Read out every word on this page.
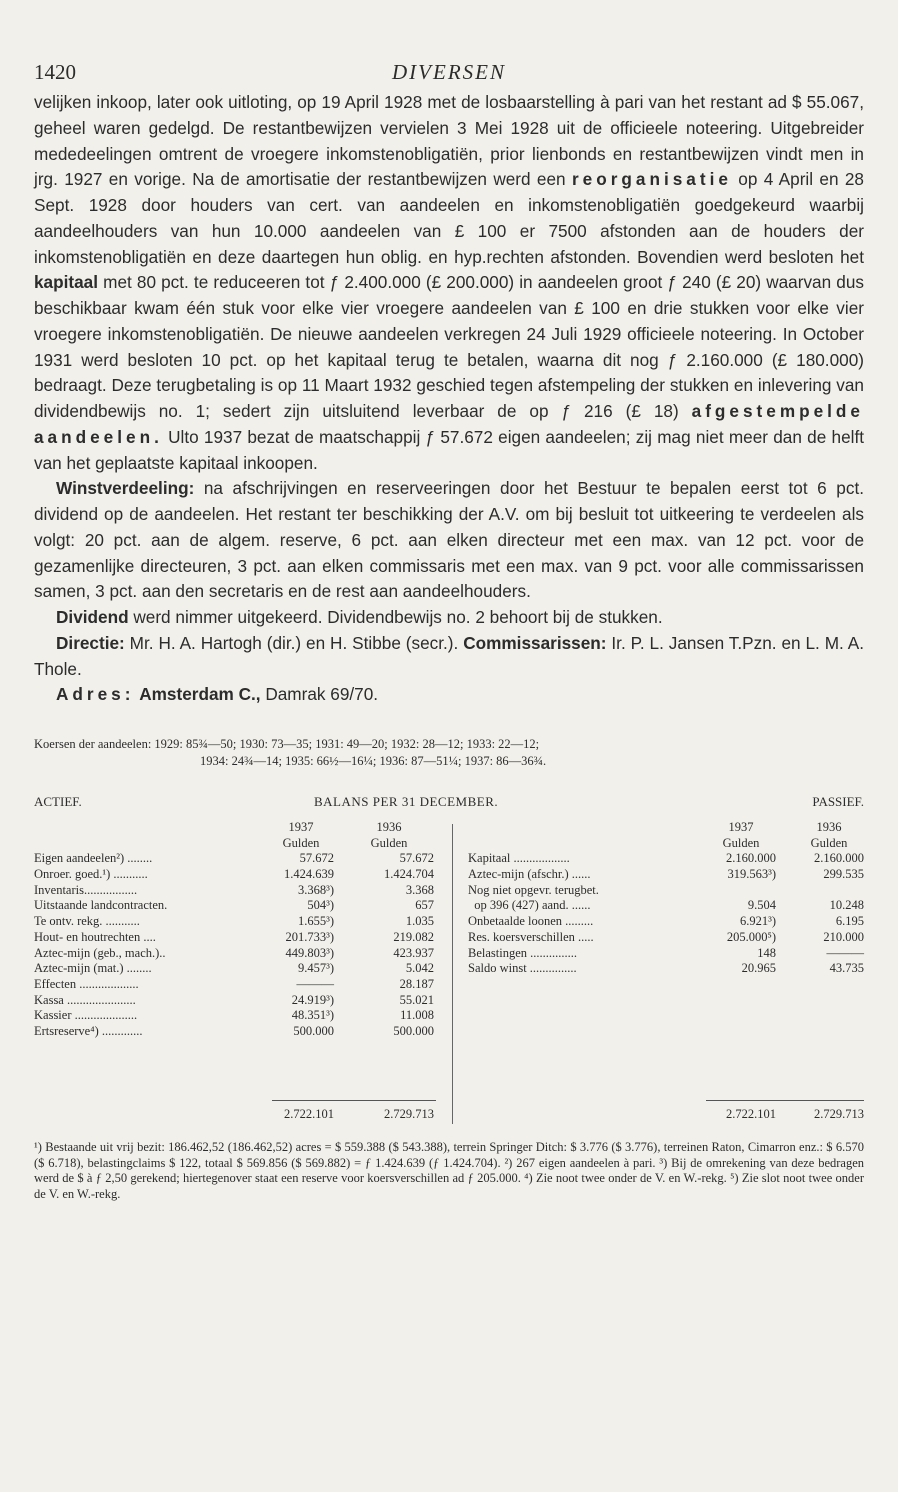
1420	DIVERSEN

velijken inkoop, later ook uitloting, op 19 April 1928 met de losbaarstelling à pari van het restant ad $ 55.067, geheel waren gedelgd. De restantbewijzen vervielen 3 Mei 1928 uit de officieele noteering. Uitgebreider mededeelingen omtrent de vroegere inkomstenobligatiën, prior lienbonds en restantbewijzen vindt men in jrg. 1927 en vorige. Na de amortisatie der restantbewijzen werd een reorganisatie op 4 April en 28 Sept. 1928 door houders van cert. van aandeelen en inkomstenobligatiën goedgekeurd waarbij aandeelhouders van hun 10.000 aandeelen van £ 100 er 7500 afstonden aan de houders der inkomstenobligatiën en deze daartegen hun oblig. en hyp.rechten afstonden. Bovendien werd besloten het kapitaal met 80 pct. te reduceeren tot ƒ 2.400.000 (£ 200.000) in aandeelen groot ƒ 240 (£ 20) waarvan dus beschikbaar kwam één stuk voor elke vier vroegere aandeelen van £ 100 en drie stukken voor elke vier vroegere inkomstenobligatiën. De nieuwe aandeelen verkregen 24 Juli 1929 officieele noteering. In October 1931 werd besloten 10 pct. op het kapitaal terug te betalen, waarna dit nog ƒ 2.160.000 (£ 180.000) bedraagt. Deze terugbetaling is op 11 Maart 1932 geschied tegen afstempeling der stukken en inlevering van dividendbewijs no. 1; sedert zijn uitsluitend leverbaar de op ƒ 216 (£ 18) afgestempelde aandeelen. Ulto 1937 bezat de maatschappij ƒ 57.672 eigen aandeelen; zij mag niet meer dan de helft van het geplaatste kapitaal inkoopen.

Winstverdeeling: na afschrijvingen en reserveeringen door het Bestuur te bepalen eerst tot 6 pct. dividend op de aandeelen. Het restant ter beschikking der A.V. om bij besluit tot uitkeering te verdeelen als volgt: 20 pct. aan de algem. reserve, 6 pct. aan elken directeur met een max. van 12 pct. voor de gezamenlijke directeuren, 3 pct. aan elken commissaris met een max. van 9 pct. voor alle commissarissen samen, 3 pct. aan den secretaris en de rest aan aandeelhouders.

Dividend werd nimmer uitgekeerd. Dividendbewijs no. 2 behoort bij de stukken.

Directie: Mr. H. A. Hartogh (dir.) en H. Stibbe (secr.). Commissarissen: Ir. P. L. Jansen T.Pzn. en L. M. A. Thole.

Adres: Amsterdam C., Damrak 69/70.

Koersen der aandeelen: 1929: 85¾—50; 1930: 73—35; 1931: 49—20; 1932: 28—12; 1933: 22—12;
1934: 24¾—14; 1935: 66½—16¼; 1936: 87—51¼; 1937: 86—36¾.
ACTIEF.	BALANS PER 31 DECEMBER.	PASSIEF.
1937	1936
Gulden	Gulden
Eigen aandeelen²) ........	57.672	57.672
Onroer. goed.¹) ...........	1.424.639	1.424.704
Inventaris.................	3.368³)	3.368
Uitstaande landcontracten.	504³)	657
Te ontv. rekg. ...........	1.655³)	1.035
Hout- en houtrechten ....	201.733³)	219.082
Aztec-mijn (geb., mach.)..	449.803³)	423.937
Aztec-mijn (mat.) ........	9.457³)	5.042
Effecten ...................	———	28.187
Kassa ......................	24.919³)	55.021
Kassier ....................	48.351³)	11.008
Ertsreserve⁴) .............	500.000	500.000
1937	1936
Gulden	Gulden
Kapitaal ..................	2.160.000	2.160.000
Aztec-mijn (afschr.) ......	319.563³)	299.535
Nog niet opgevr. terugbet.
op 396 (427) aand. ......	9.504	10.248
Onbetaalde loonen .........	6.921³)	6.195
Res. koersverschillen .....	205.000⁵)	210.000
Belastingen ...............	148	———
Saldo winst ...............	20.965	43.735
2.722.101	2.729.713	2.722.101	2.729.713
¹) Bestaande uit vrij bezit: 186.462,52 (186.462,52) acres = $ 559.388 ($ 543.388), terrein Springer Ditch: $ 3.776 ($ 3.776), terreinen Raton, Cimarron enz.: $ 6.570 ($ 6.718), belastingclaims $ 122, totaal $ 569.856 ($ 569.882) = ƒ 1.424.639 (ƒ 1.424.704). ²) 267 eigen aandeelen à pari. ³) Bij de omrekening van deze bedragen werd de $ à ƒ 2,50 gerekend; hiertegenover staat een reserve voor koersverschillen ad ƒ 205.000. ⁴) Zie noot twee onder de V. en W.-rekg. ⁵) Zie slot noot twee onder de V. en W.-rekg.
